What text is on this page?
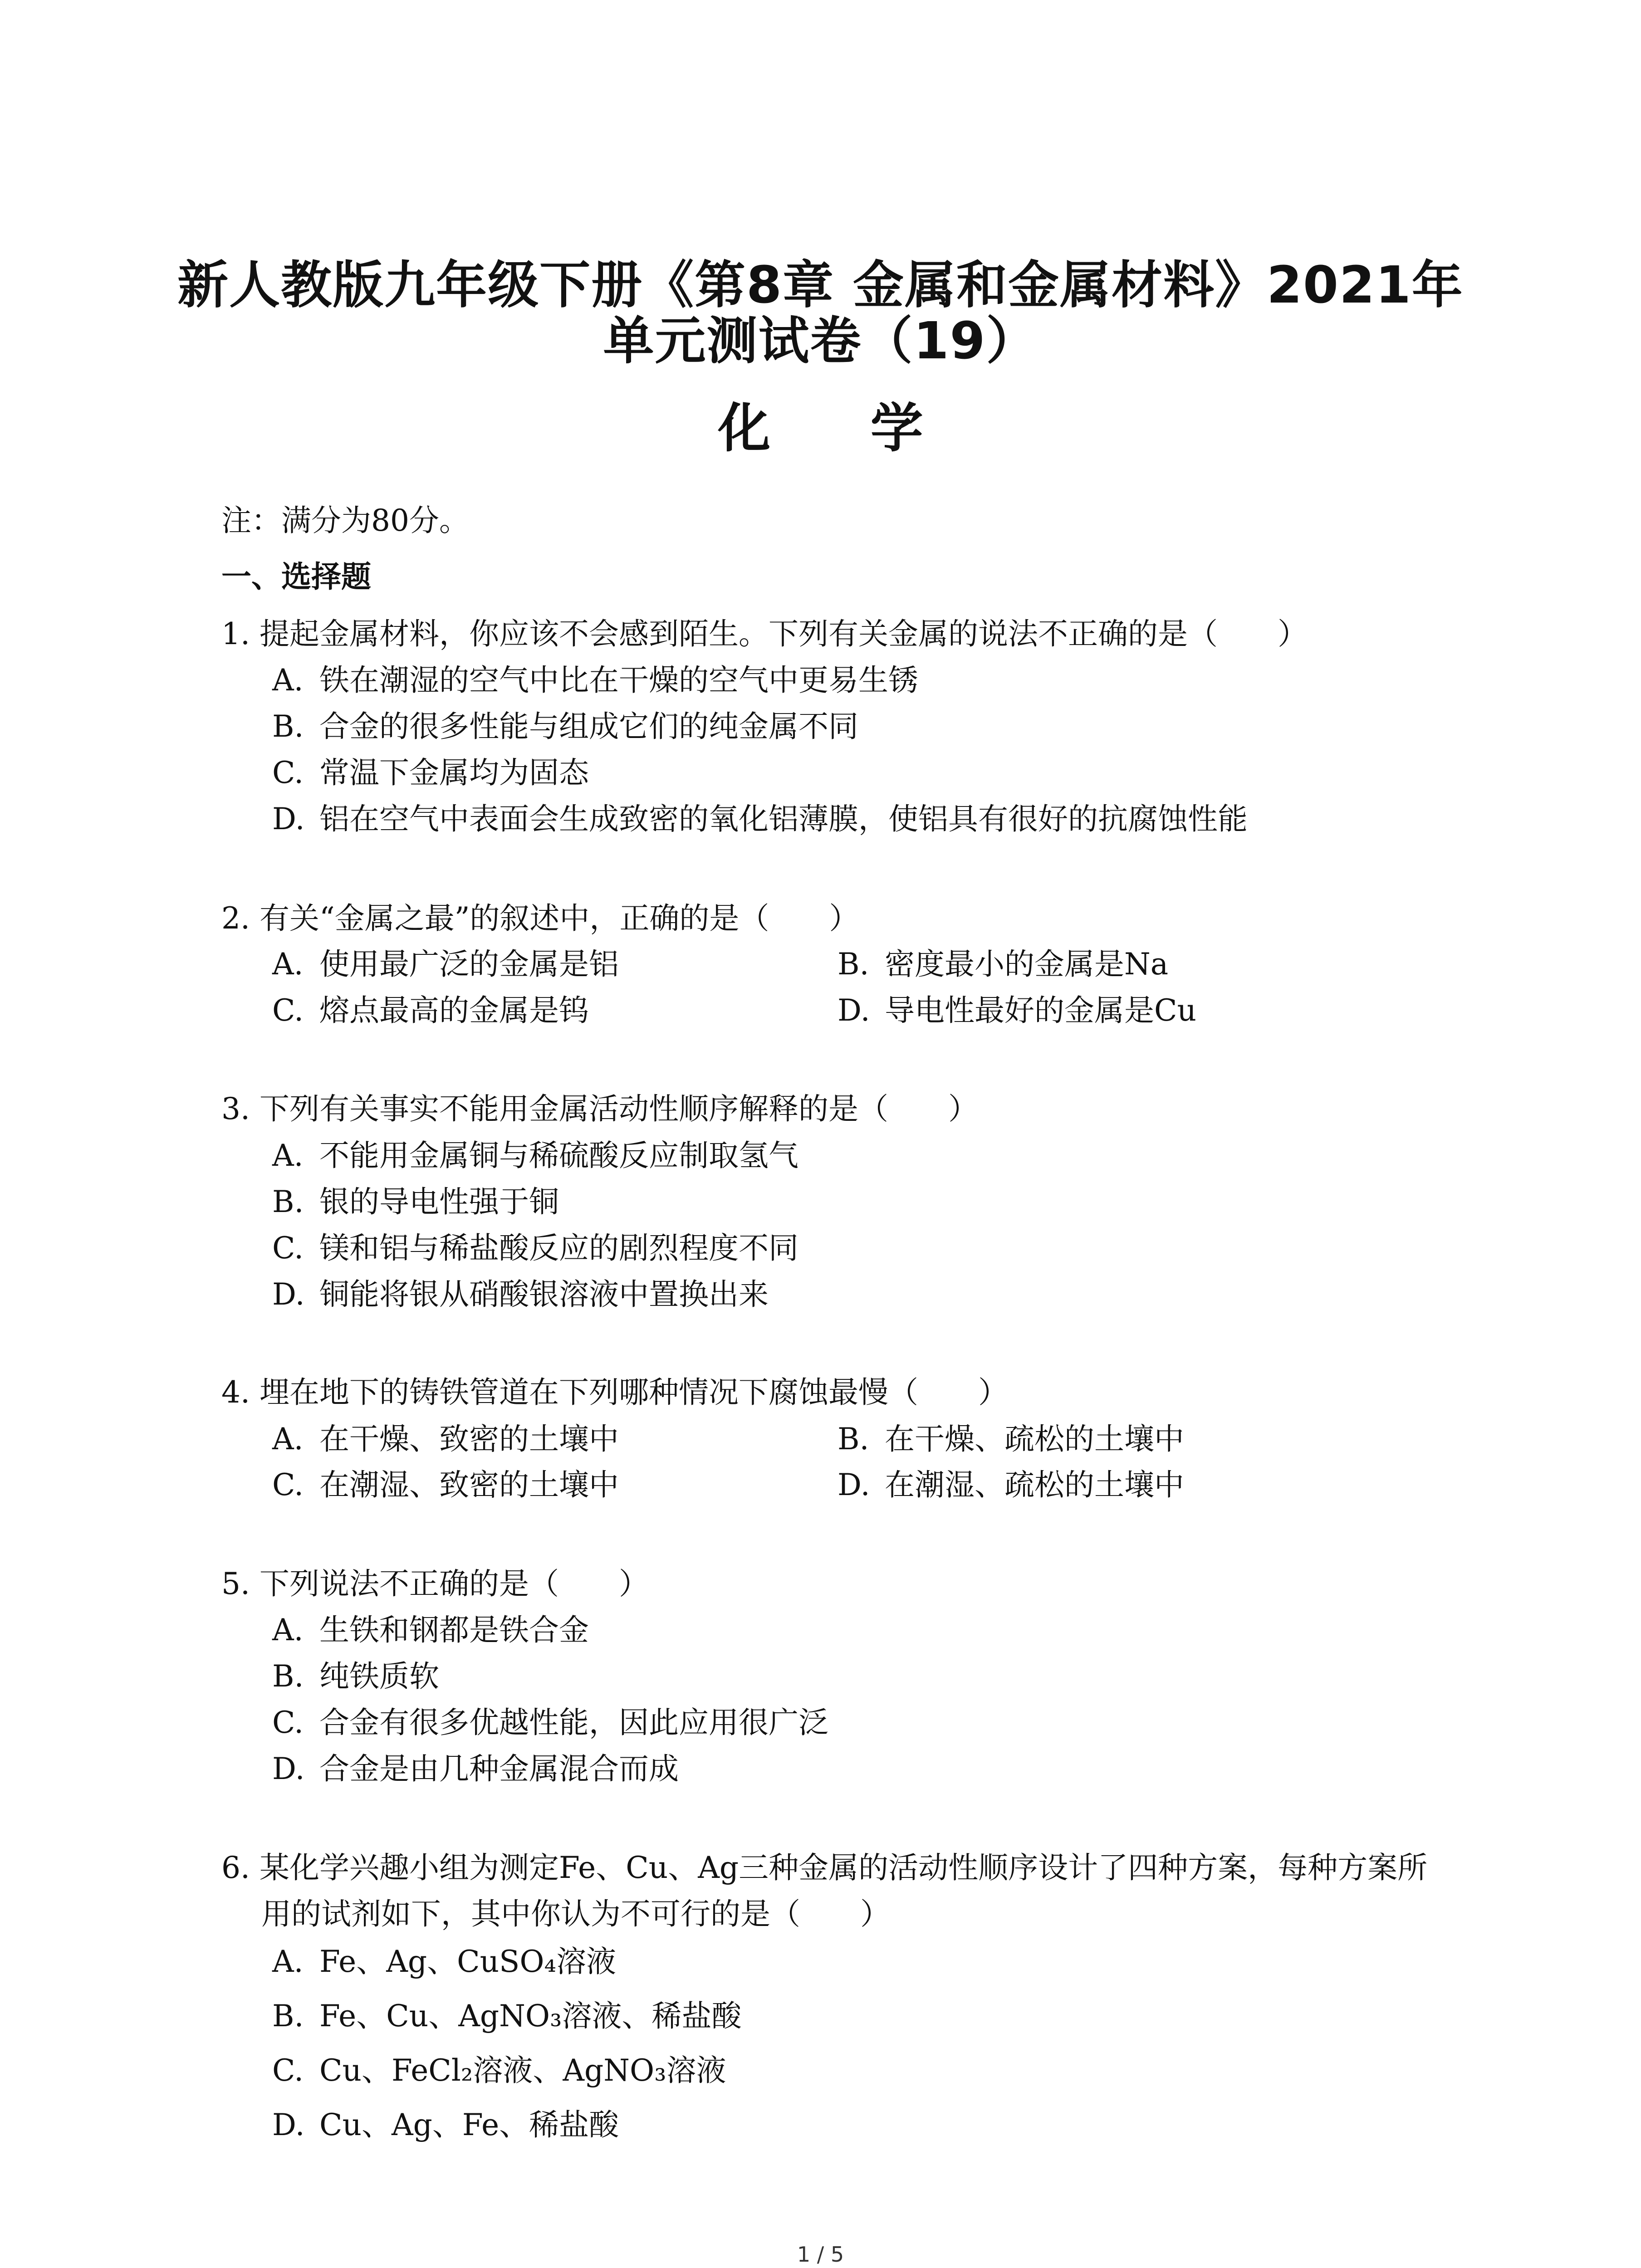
新人教版九年级下册《第8章 金属和金属材料》2021年
单元测试卷（19）
化 学
注：满分为80分。
一、选择题
1. 提起金属材料，你应该不会感到陌生。下列有关金属的说法不正确的是（　　）
A. 铁在潮湿的空气中比在干燥的空气中更易生锈
B. 合金的很多性能与组成它们的纯金属不同
C. 常温下金属均为固态
D. 铝在空气中表面会生成致密的氧化铝薄膜，使铝具有很好的抗腐蚀性能
2. 有关“金属之最”的叙述中，正确的是（　　）
A. 使用最广泛的金属是铝	B. 密度最小的金属是Na
C. 熔点最高的金属是钨	D. 导电性最好的金属是Cu
3. 下列有关事实不能用金属活动性顺序解释的是（　　）
A. 不能用金属铜与稀硫酸反应制取氢气
B. 银的导电性强于铜
C. 镁和铝与稀盐酸反应的剧烈程度不同
D. 铜能将银从硝酸银溶液中置换出来
4. 埋在地下的铸铁管道在下列哪种情况下腐蚀最慢（　　）
A. 在干燥、致密的土壤中	B. 在干燥、疏松的土壤中
C. 在潮湿、致密的土壤中	D. 在潮湿、疏松的土壤中
5. 下列说法不正确的是（　　）
A. 生铁和钢都是铁合金
B. 纯铁质软
C. 合金有很多优越性能，因此应用很广泛
D. 合金是由几种金属混合而成
6. 某化学兴趣小组为测定Fe、Cu、Ag三种金属的活动性顺序设计了四种方案，每种方案所
用的试剂如下，其中你认为不可行的是（　　）
A. Fe、Ag、CuSO₄溶液
B. Fe、Cu、AgNO₃溶液、稀盐酸
C. Cu、FeCl₂溶液、AgNO₃溶液
D. Cu、Ag、Fe、稀盐酸
1 / 5
